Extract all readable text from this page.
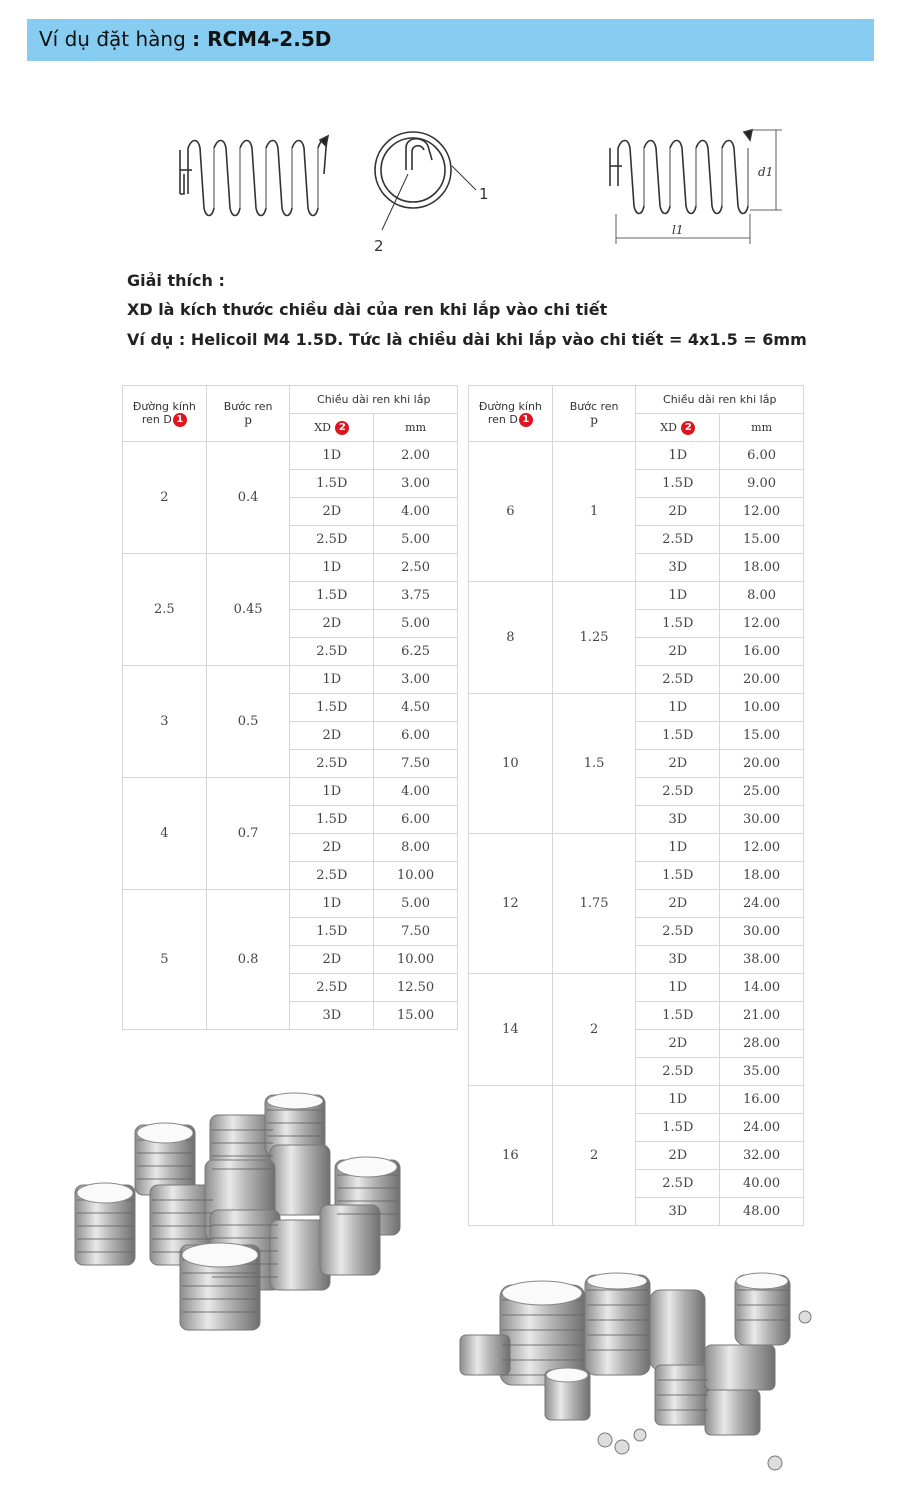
Ví dụ đặt hàng : RCM4-2.5D
1
2
d1
l1
Giải thích :
XD là kích thước chiều dài của ren khi lắp vào chi tiết
Ví dụ : Helicoil M4 1.5D. Tức là chiều dài khi lắp vào chi tiết = 4x1.5 = 6mm
Đường kính
ren D 1	Bước ren
p	Chiều dài ren khi lắp	
		XD 2	mm
2	0.4	1D	2.00
		1.5D	3.00
		2D	4.00
		2.5D	5.00
2.5	0.45	1D	2.50
		1.5D	3.75
		2D	5.00
		2.5D	6.25
3	0.5	1D	3.00
		1.5D	4.50
		2D	6.00
		2.5D	7.50
4	0.7	1D	4.00
		1.5D	6.00
		2D	8.00
		2.5D	10.00
5	0.8	1D	5.00
		1.5D	7.50
		2D	10.00
		2.5D	12.50
		3D	15.00
Đường kính
ren D 1	Bước ren
p	Chiều dài ren khi lắp	
		XD 2	mm
6	1	1D	6.00
		1.5D	9.00
		2D	12.00
		2.5D	15.00
		3D	18.00
8	1.25	1D	8.00
		1.5D	12.00
		2D	16.00
		2.5D	20.00
10	1.5	1D	10.00
		1.5D	15.00
		2D	20.00
		2.5D	25.00
		3D	30.00
12	1.75	1D	12.00
		1.5D	18.00
		2D	24.00
		2.5D	30.00
		3D	38.00
14	2	1D	14.00
		1.5D	21.00
		2D	28.00
		2.5D	35.00
16	2	1D	16.00
		1.5D	24.00
		2D	32.00
		2.5D	40.00
		3D	48.00
